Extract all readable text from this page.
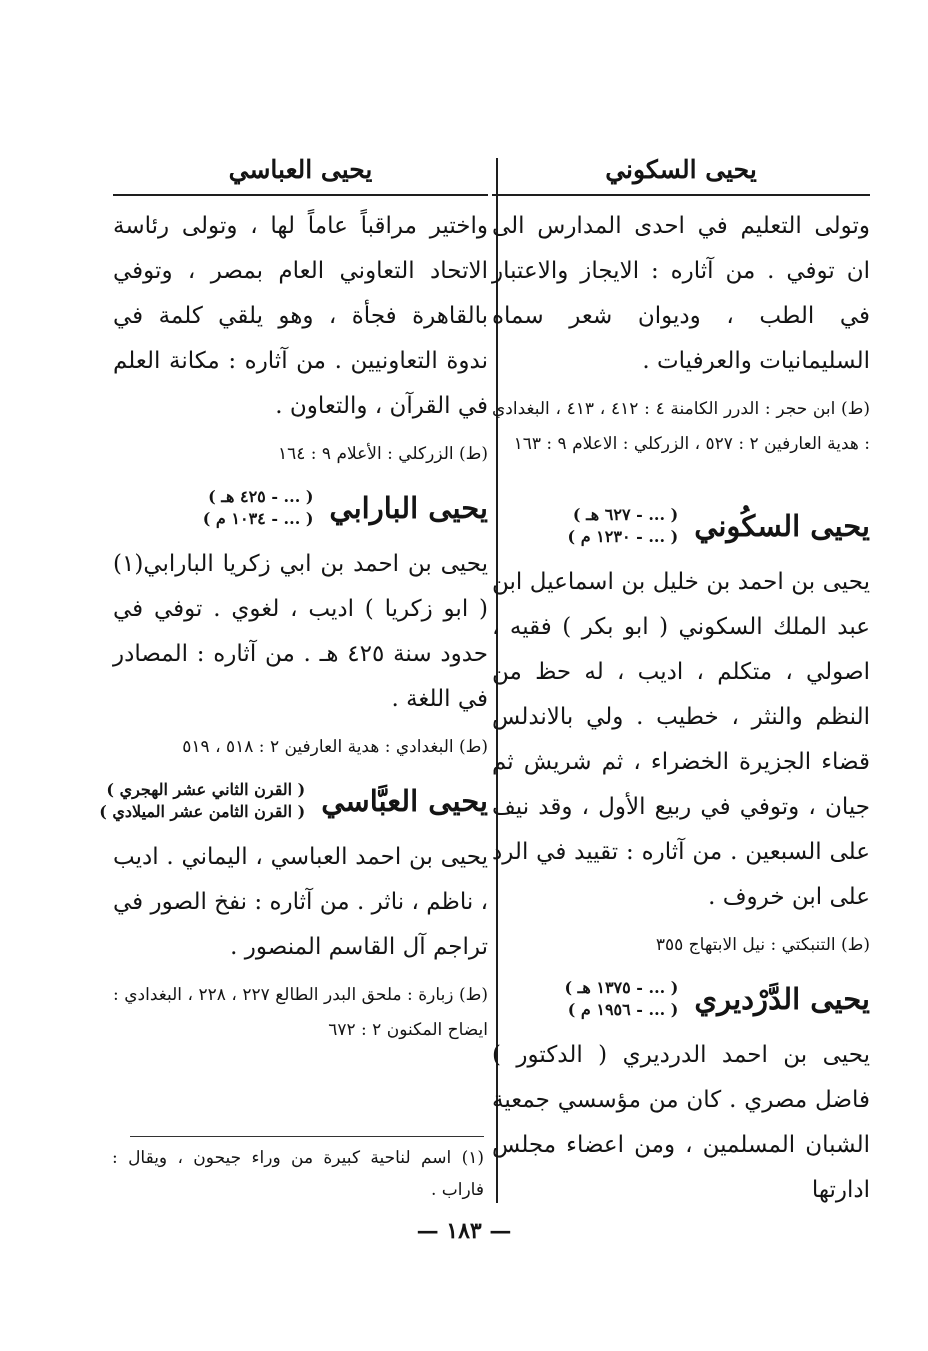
يحيى السكوني

وتولى التعليم في احدى المدارس الى ان توفي . من آثاره : الايجاز والاعتبار في الطب ، وديوان شعر سماه السليمانيات والعرفيات .

(ط) ابن حجر : الدرر الكامنة ٤ : ٤١٢ ، ٤١٣ ، البغدادي : هدية العارفين ٢ : ٥٢٧ ، الزركلي : الاعلام ٩ : ١٦٣

يحيى السكُوني
( ... - ٦٢٧ هـ )
( ... - ١٢٣٠ م )

يحيى بن احمد بن خليل بن اسماعيل ابن عبد الملك السكوني ( ابو بكر ) فقيه ، اصولي ، متكلم ، اديب ، له حظ من النظم والنثر ، خطيب . ولي بالاندلس قضاء الجزيرة الخضراء ، ثم شريش ثم جيان ، وتوفي في ربيع الأول ، وقد نيف على السبعين . من آثاره : تقييد في الرد على ابن خروف .

(ط) التنبكتي : نيل الابتهاج ٣٥٥

يحيى الدَّرْديري
( ... - ١٣٧٥ هـ )
( ... - ١٩٥٦ م )

يحيى بن احمد الدرديري ( الدكتور ) فاضل مصري . كان من مؤسسي جمعية الشبان المسلمين ، ومن اعضاء مجلس ادارتها

يحيى العباسي

واختير مراقباً عاماً لها ، وتولى رئاسة الاتحاد التعاوني العام بمصر ، وتوفي بالقاهرة فجأة ، وهو يلقي كلمة في ندوة التعاونيين . من آثاره : مكانة العلم في القرآن ، والتعاون .

(ط) الزركلي : الأعلام ٩ : ١٦٤

يحيى البارابي
( ... - ٤٢٥ هـ )
( ... - ١٠٣٤ م )

يحيى بن احمد بن ابي زكريا البارابي(١) ( ابو زكريا ) اديب ، لغوي . توفي في حدود سنة ٤٢٥ هـ . من آثاره : المصادر في اللغة .

(ط) البغدادي : هدية العارفين ٢ : ٥١٨ ، ٥١٩

يحيى العبَّاسي
( القرن الثاني عشر الهجري )
( القرن الثامن عشر الميلادي )

يحيى بن احمد العباسي ، اليماني . اديب ، ناظم ، ناثر . من آثاره : نفخ الصور في تراجم آل القاسم المنصور .

(ط) زبارة : ملحق البدر الطالع ٢٢٧ ، ٢٢٨ ، البغدادي : ايضاح المكنون ٢ : ٦٧٢

(١) اسم لناحية كبيرة من وراء جيحون ، ويقال : فاراب .

— ١٨٣ —
